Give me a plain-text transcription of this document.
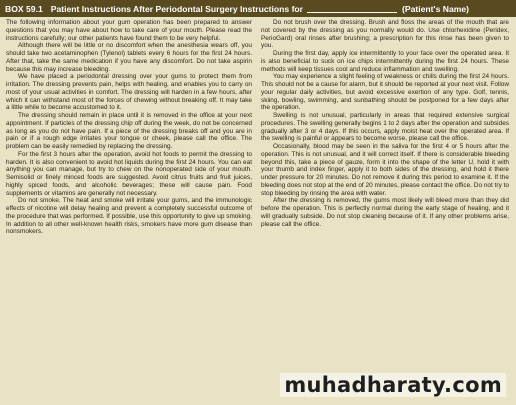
BOX 59.1 Patient Instructions After Periodontal Surgery Instructions for	(Patient's Name)

The following information about your gum operation has been prepared to answer questions that you may have about how to take care of your mouth. Please read the instructions carefully; our other patients have found them to be very helpful.

Although there will be little or no discomfort when the anesthesia wears off, you should take two acetaminophen (Tylenol) tablets every 6 hours for the first 24 hours. After that, take the same medication if you have any discomfort. Do not take aspirin because this may increase bleeding.

We have placed a periodontal dressing over your gums to protect them from irritation. The dressing prevents pain, helps with healing, and enables you to carry on most of your usual activities in comfort. The dressing will harden in a few hours, after which it can withstand most of the forces of chewing without breaking off. It may take a little while to become accustomed to it.

The dressing should remain in place until it is removed in the office at your next appointment. If particles of the dressing chip off during the week, do not be concerned as long as you do not have pain. If a piece of the dressing breaks off and you are in pain or if a rough edge irritates your tongue or cheek, please call the office. The problem can be easily remedied by replacing the dressing.

For the first 3 hours after the operation, avoid hot foods to permit the dressing to harden. It is also convenient to avoid hot liquids during the first 24 hours. You can eat anything you can manage, but try to chew on the nonoperated side of your mouth. Semisolid or finely minced foods are suggested. Avoid citrus fruits and fruit juices, highly spiced foods, and alcoholic beverages; these will cause pain. Food supplements or vitamins are generally not necessary.

Do not smoke. The heat and smoke will irritate your gums, and the immunologic effects of nicotine will delay healing and prevent a completely successful outcome of the procedure that was performed. If possible, use this opportunity to give up smoking. In addition to all other well-known health risks, smokers have more gum disease than nonsmokers.

Do not brush over the dressing. Brush and floss the areas of the mouth that are not covered by the dressing as you normally would do. Use chlorhexidine (Peridex, PerioGard) oral rinses after brushing; a prescription for this rinse has been given to you.

During the first day, apply ice intermittently to your face over the operated area. It is also beneficial to suck on ice chips intermittently during the first 24 hours. These methods will keep tissues cool and reduce inflammation and swelling.

You may experience a slight feeling of weakness or chills during the first 24 hours. This should not be a cause for alarm, but it should be reported at your next visit. Follow your regular daily activities, but avoid excessive exertion of any type. Golf, tennis, skiing, bowling, swimming, and sunbathing should be postponed for a few days after the operation.

Swelling is not unusual, particularly in areas that required extensive surgical procedures. The swelling generally begins 1 to 2 days after the operation and subsides gradually after 3 or 4 days. If this occurs, apply moist heat over the operated area. If the swelling is painful or appears to become worse, please call the office.

Occasionally, blood may be seen in the saliva for the first 4 or 5 hours after the operation. This is not unusual, and it will correct itself. If there is considerable bleeding beyond this, take a piece of gauze, form it into the shape of the letter U, hold it with your thumb and index finger, apply it to both sides of the dressing, and hold it there under pressure for 20 minutes. Do not remove it during this period to examine it. If the bleeding does not stop at the end of 20 minutes, please contact the office. Do not try to stop bleeding by rinsing the area with water.

After the dressing is removed, the gums most likely will bleed more than they did before the operation. This is perfectly normal during the early stage of healing, and it will gradually subside. Do not stop cleaning because of it. If any other problems arise, please call the office.

muhadharaty.com
